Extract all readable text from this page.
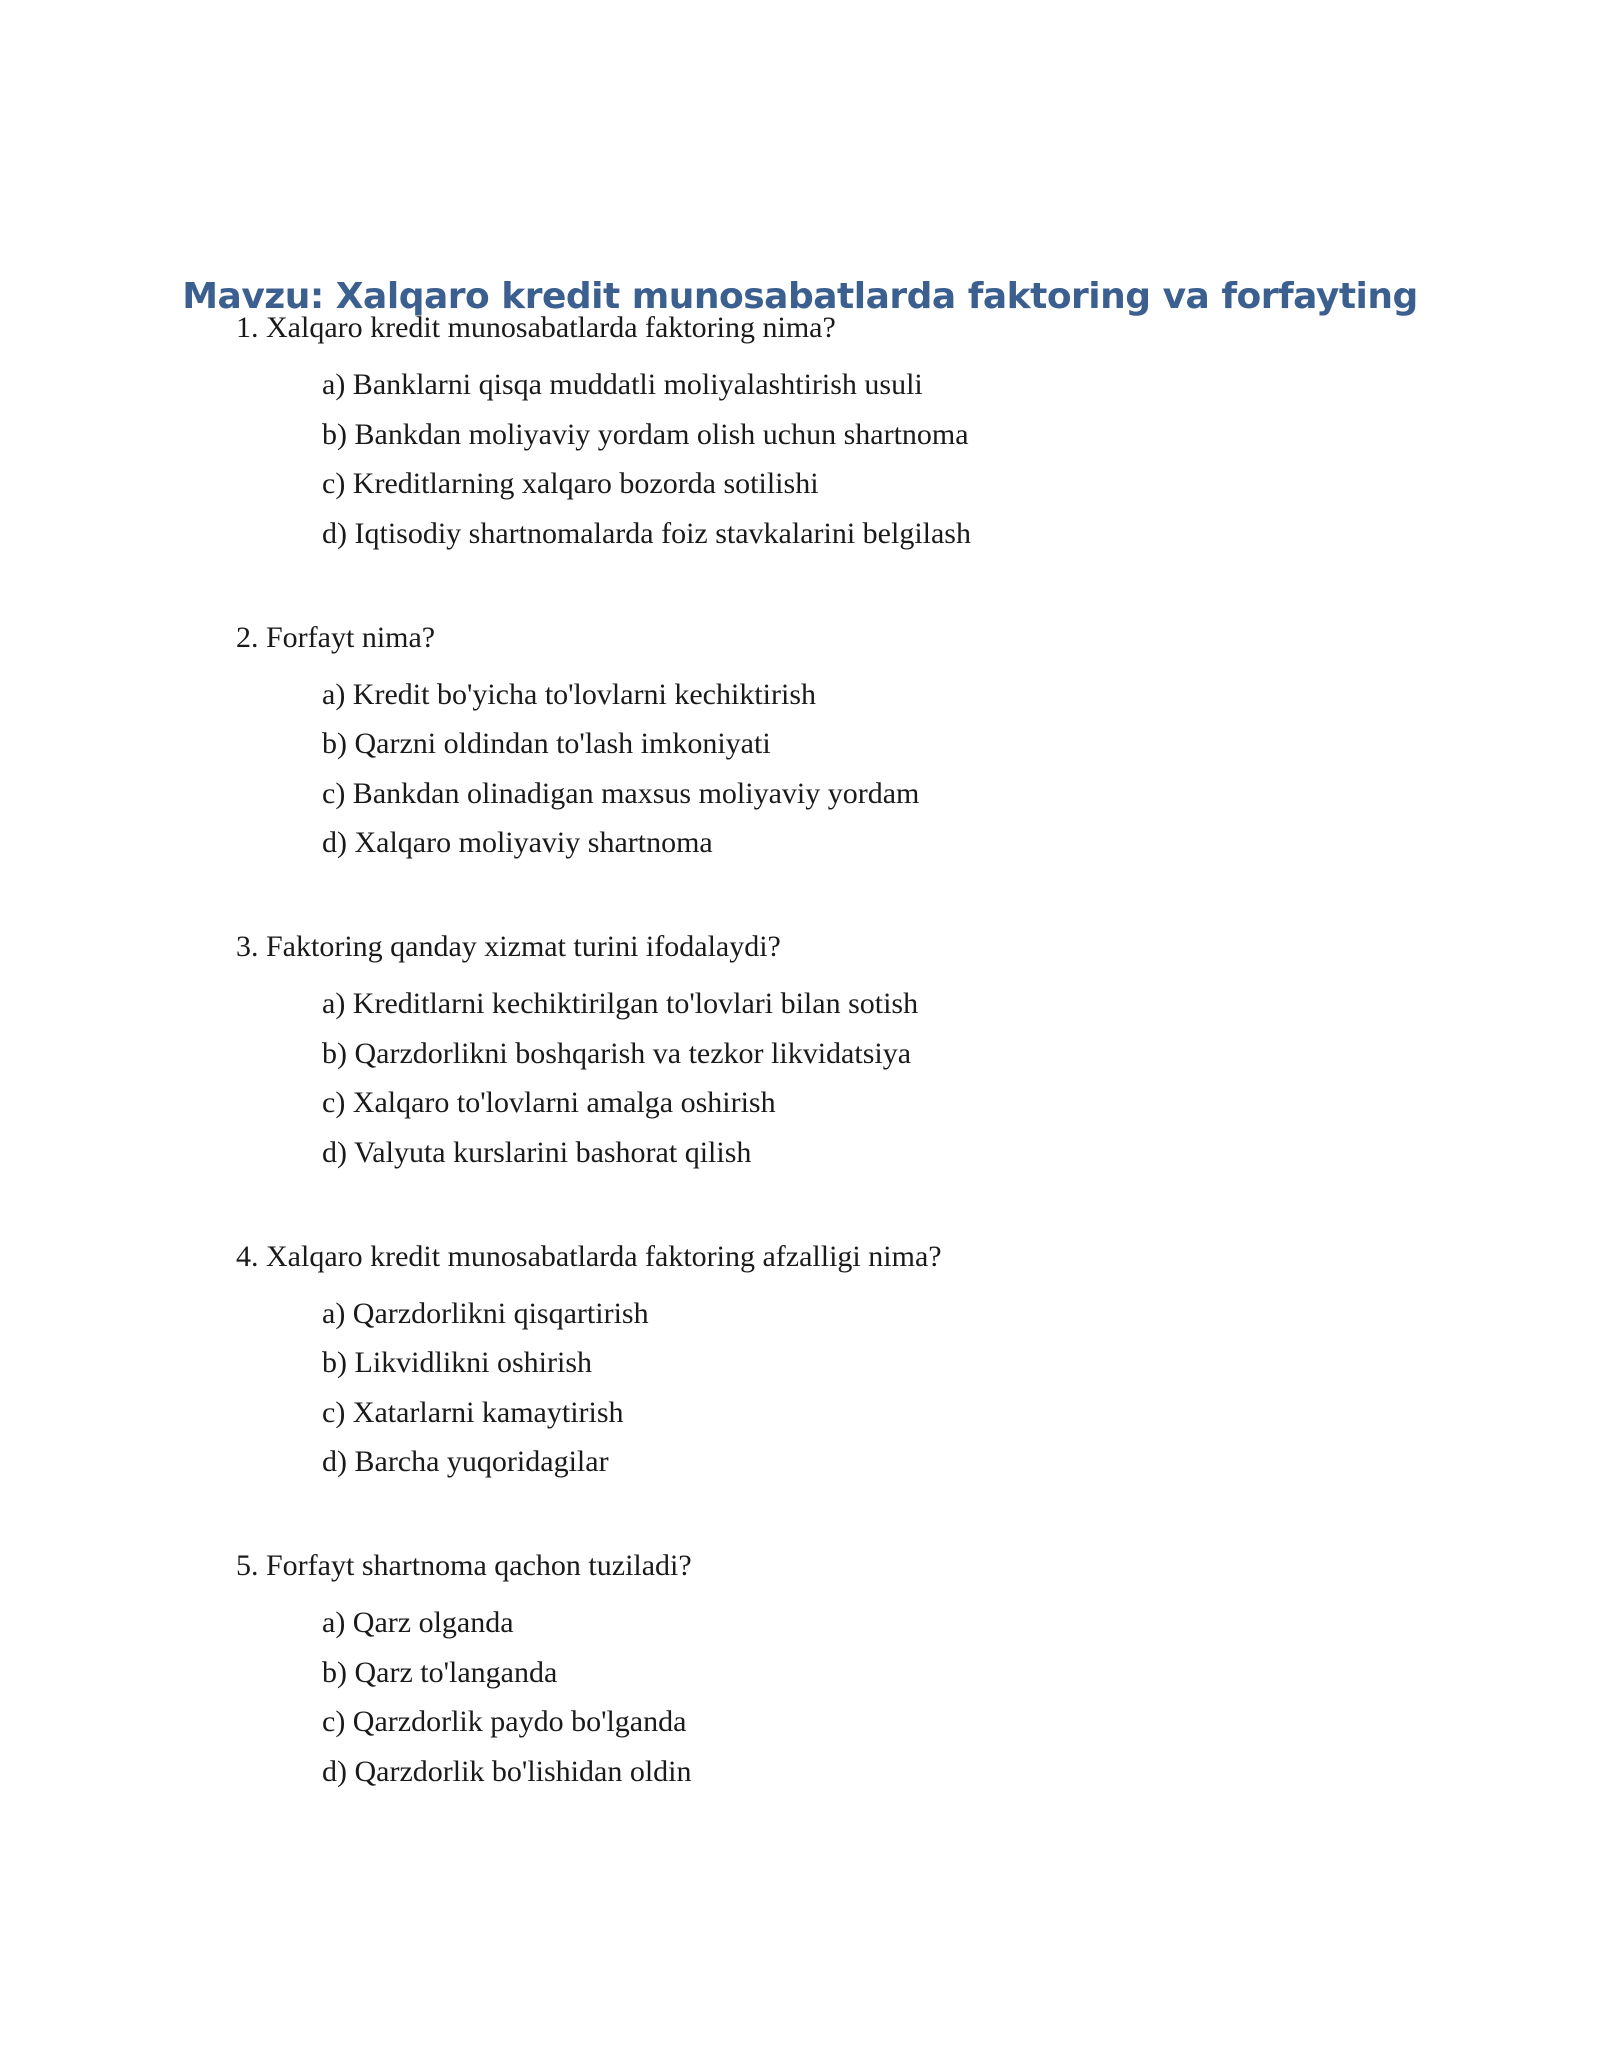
Mavzu: Xalqaro kredit munosabatlarda faktoring va forfayting

1. Xalqaro kredit munosabatlarda faktoring nima?

a) Banklarni qisqa muddatli moliyalashtirish usuli
b) Bankdan moliyaviy yordam olish uchun shartnoma
c) Kreditlarning xalqaro bozorda sotilishi
d) Iqtisodiy shartnomalarda foiz stavkalarini belgilash

2. Forfayt nima?

a) Kredit bo'yicha to'lovlarni kechiktirish
b) Qarzni oldindan to'lash imkoniyati
c) Bankdan olinadigan maxsus moliyaviy yordam
d) Xalqaro moliyaviy shartnoma

3. Faktoring qanday xizmat turini ifodalaydi?

a) Kreditlarni kechiktirilgan to'lovlari bilan sotish
b) Qarzdorlikni boshqarish va tezkor likvidatsiya
c) Xalqaro to'lovlarni amalga oshirish
d) Valyuta kurslarini bashorat qilish

4. Xalqaro kredit munosabatlarda faktoring afzalligi nima?

a) Qarzdorlikni qisqartirish
b) Likvidlikni oshirish
c) Xatarlarni kamaytirish
d) Barcha yuqoridagilar

5. Forfayt shartnoma qachon tuziladi?

a) Qarz olganda
b) Qarz to'langanda
c) Qarzdorlik paydo bo'lganda
d) Qarzdorlik bo'lishidan oldin
